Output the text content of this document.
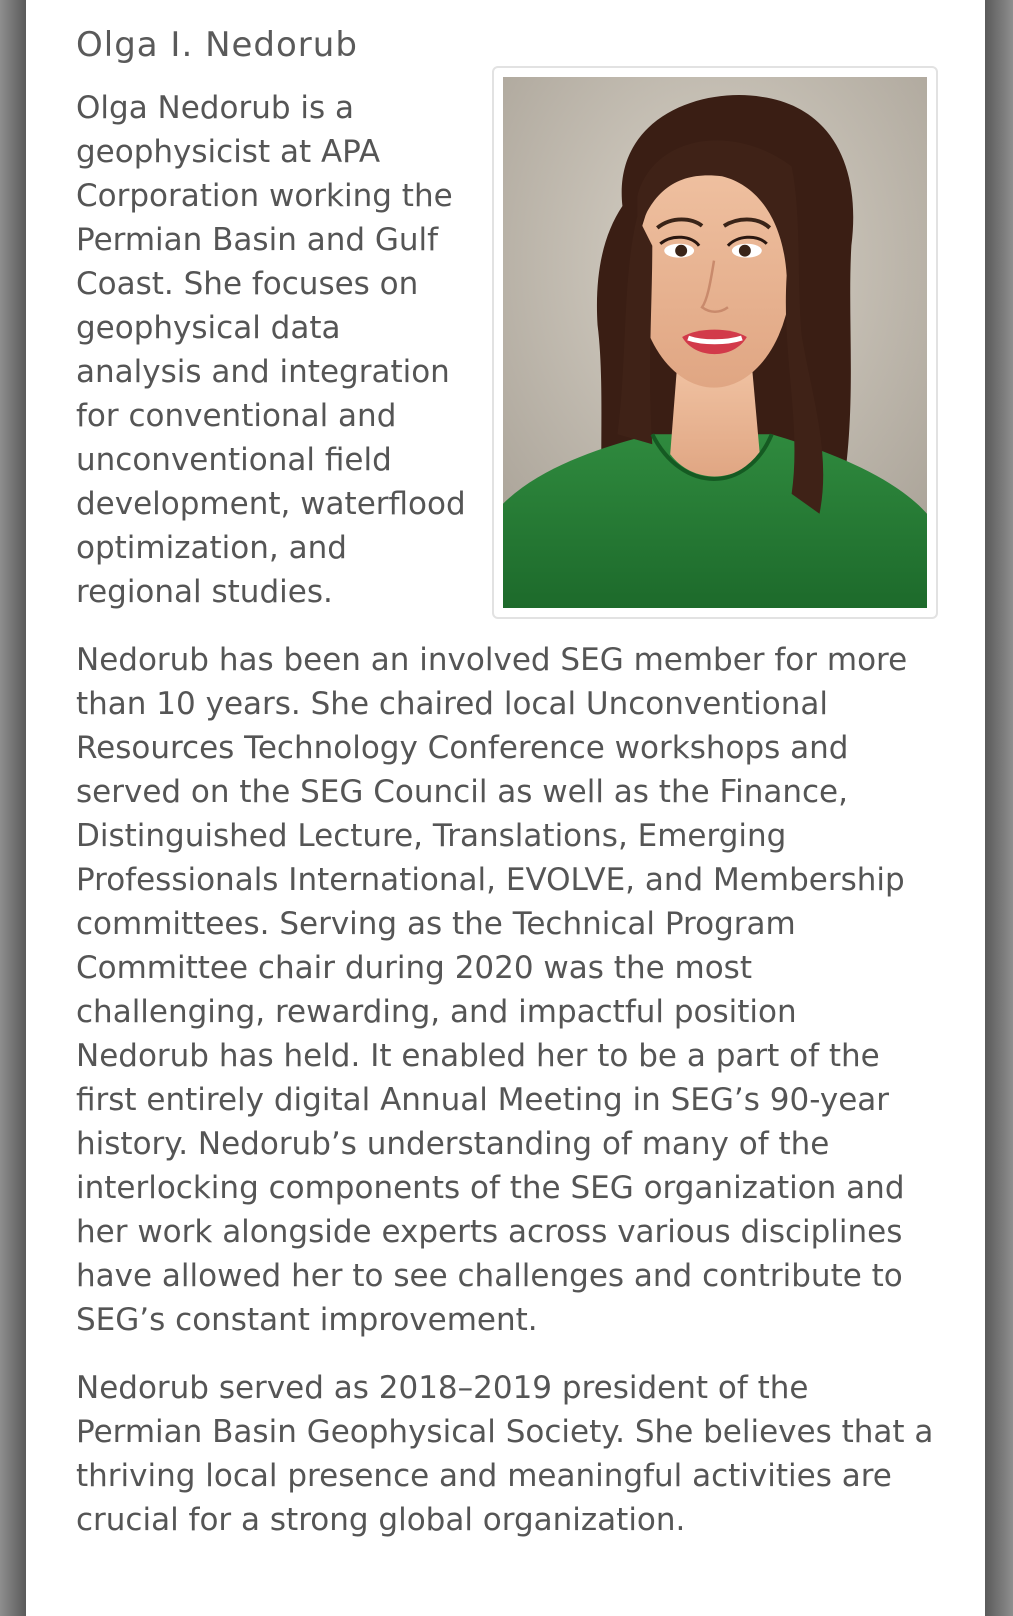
Olga I. Nedorub

Olga Nedorub is a geophysicist at APA Corporation working the Permian Basin and Gulf Coast. She focuses on geophysical data analysis and integration for conventional and unconventional field development, waterflood optimization, and regional studies.

Nedorub has been an involved SEG member for more than 10 years. She chaired local Unconventional Resources Technology Conference workshops and served on the SEG Council as well as the Finance, Distinguished Lecture, Translations, Emerging Professionals International, EVOLVE, and Membership committees. Serving as the Technical Program Committee chair during 2020 was the most challenging, rewarding, and impactful position Nedorub has held. It enabled her to be a part of the first entirely digital Annual Meeting in SEG’s 90-year history. Nedorub’s understanding of many of the interlocking components of the SEG organization and her work alongside experts across various disciplines have allowed her to see challenges and contribute to SEG’s constant improvement.

Nedorub served as 2018–2019 president of the Permian Basin Geophysical Society. She believes that a thriving local presence and meaningful activities are crucial for a strong global organization.
